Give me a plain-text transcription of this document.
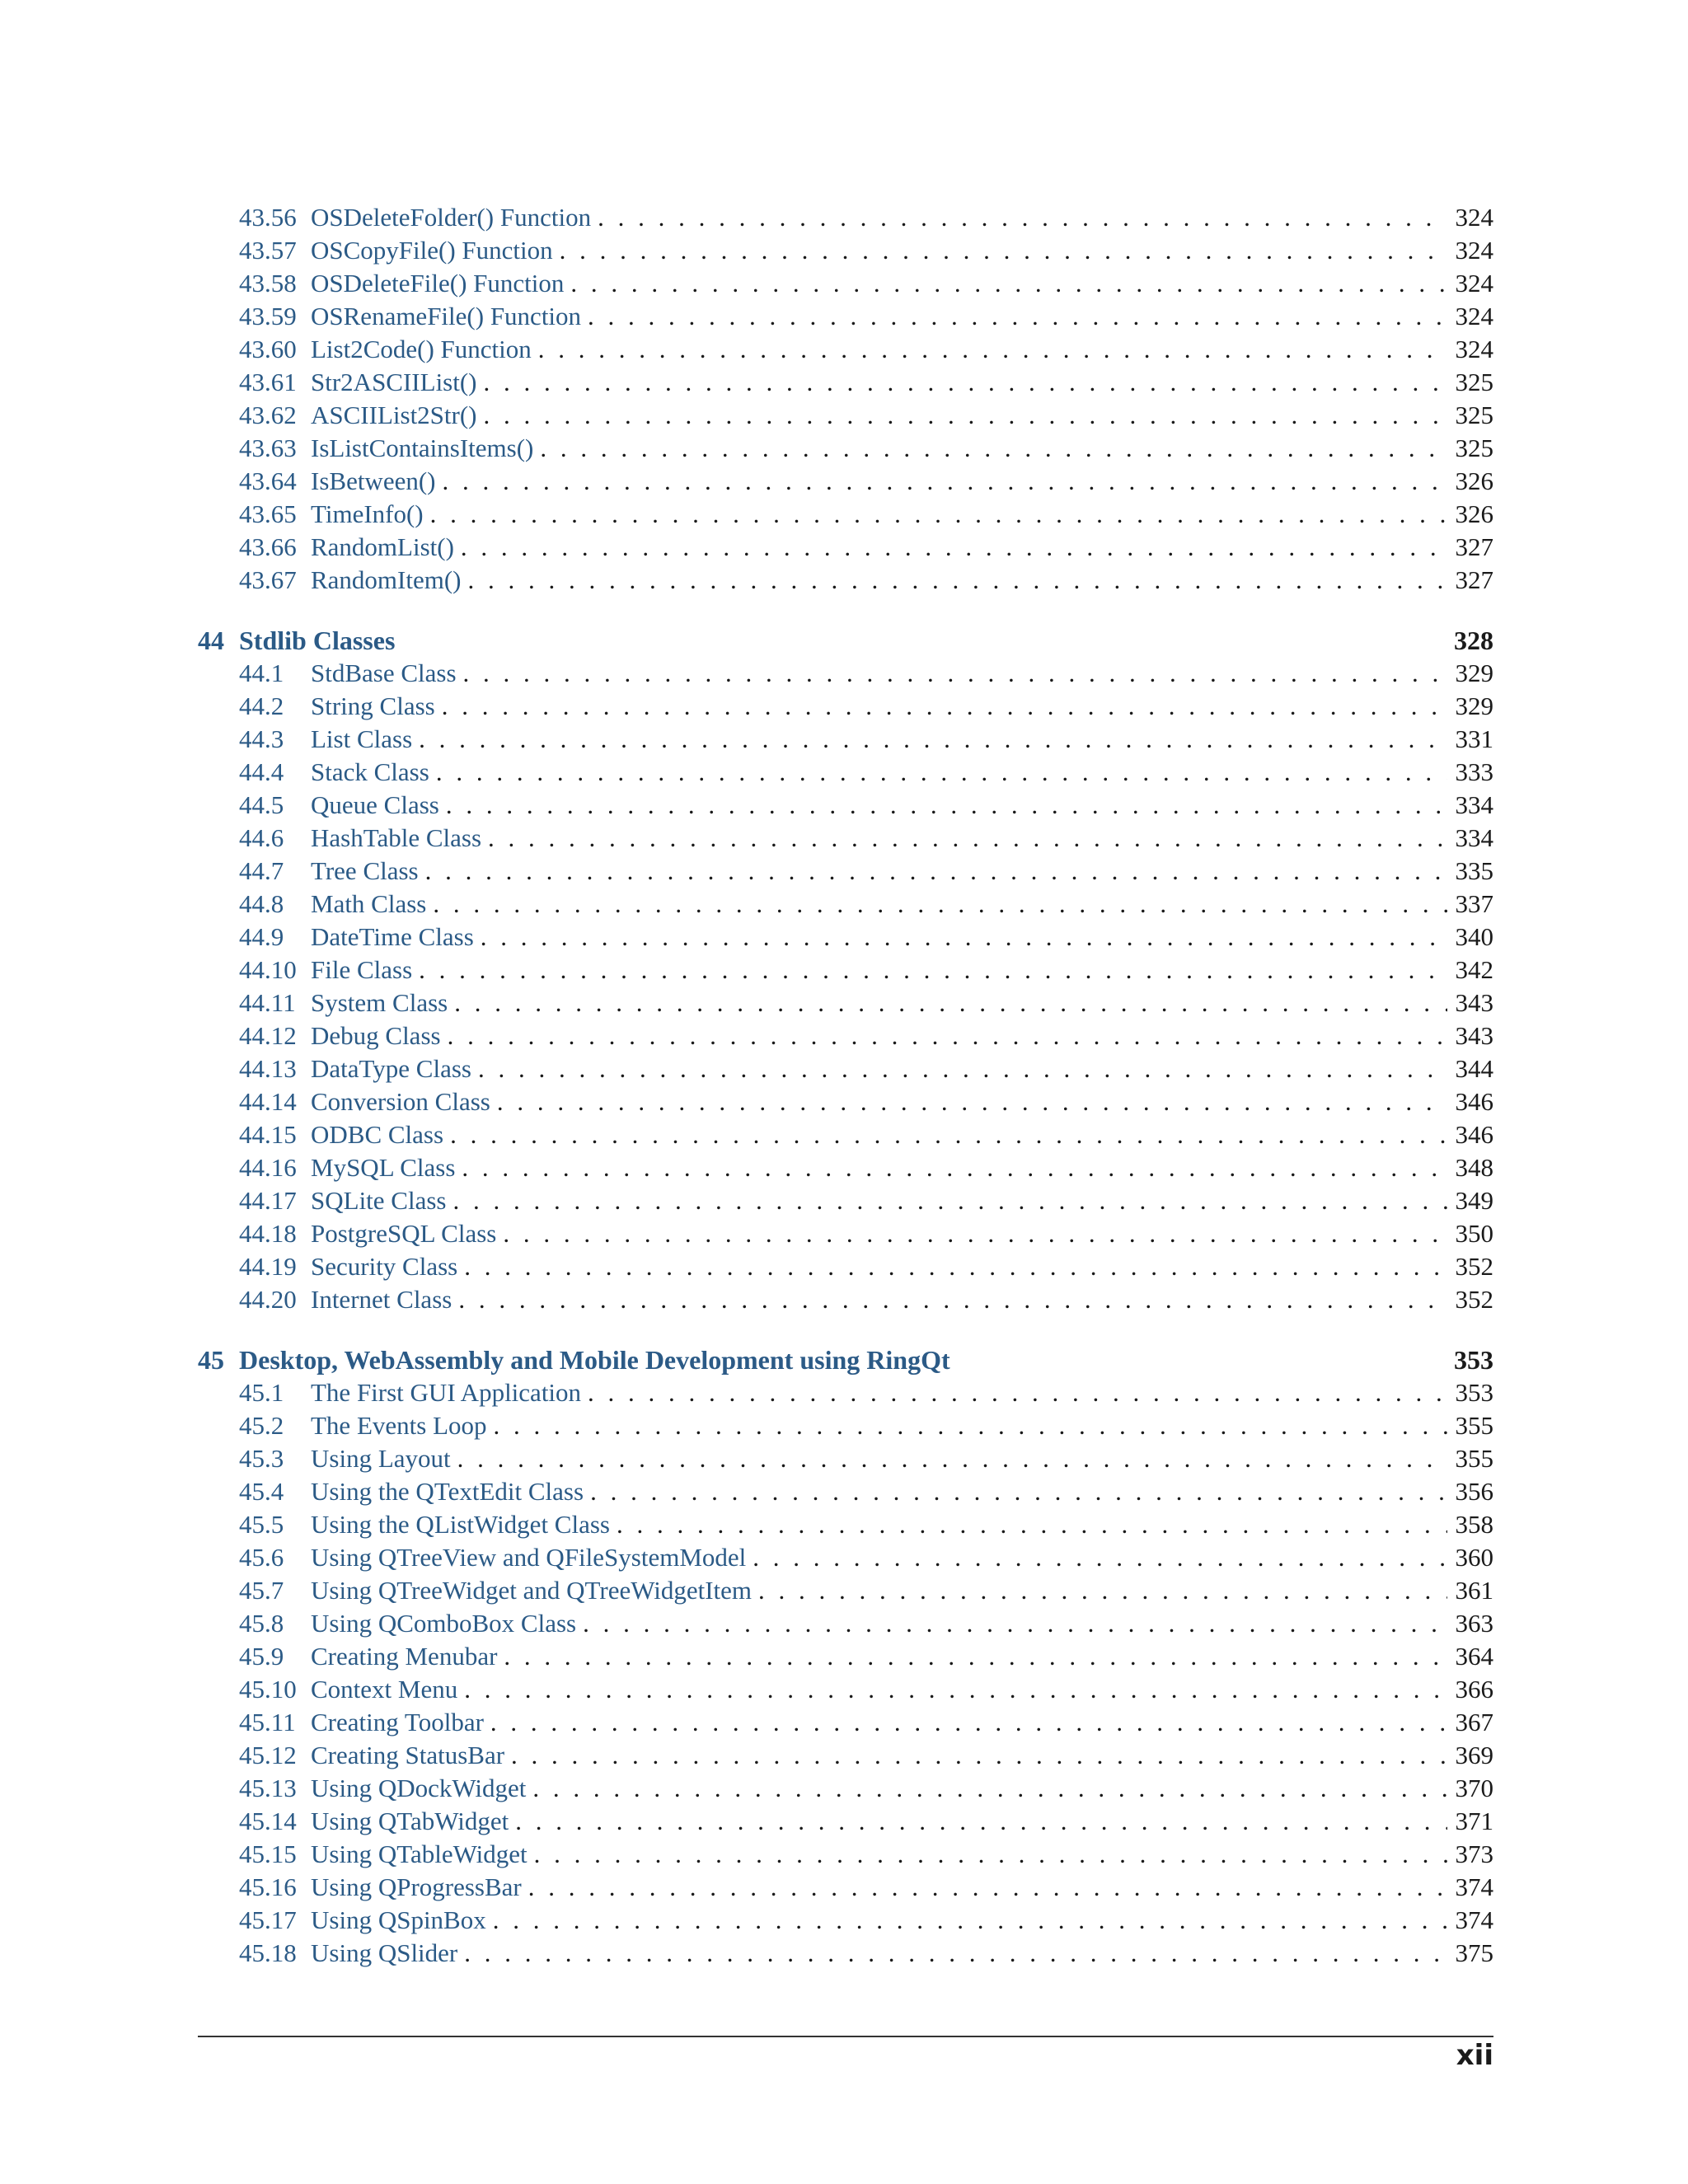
43.56 OSDeleteFolder() Function . . .	324
43.57 OSCopyFile() Function . . .	324
43.58 OSDeleteFile() Function . . .	324
43.59 OSRenameFile() Function . . .	324
43.60 List2Code() Function . . .	324
43.61 Str2ASCIIList() . . .	325
43.62 ASCIIList2Str() . . .	325
43.63 IsListContainsItems() . . .	325
43.64 IsBetween() . . .	326
43.65 TimeInfo() . . .	326
43.66 RandomList() . . .	327
43.67 RandomItem() . . .	327
44 Stdlib Classes	328
44.1	StdBase Class . . .	329
44.2	String Class . . .	329
44.3	List Class . . .	331
44.4	Stack Class . . .	333
44.5	Queue Class . . .	334
44.6	HashTable Class . . .	334
44.7	Tree Class . . .	335
44.8	Math Class . . .	337
44.9	DateTime Class . . .	340
44.10 File Class . . .	342
44.11 System Class . . .	343
44.12 Debug Class . . .	343
44.13 DataType Class . . .	344
44.14 Conversion Class . . .	346
44.15 ODBC Class . . .	346
44.16 MySQL Class . . .	348
44.17 SQLite Class . . .	349
44.18 PostgreSQL Class . . .	350
44.19 Security Class . . .	352
44.20 Internet Class . . .	352
45 Desktop, WebAssembly and Mobile Development using RingQt	353
45.1	The First GUI Application . . .	353
45.2	The Events Loop . . .	355
45.3	Using Layout . . .	355
45.4	Using the QTextEdit Class . . .	356
45.5	Using the QListWidget Class . . .	358
45.6	Using QTreeView and QFileSystemModel . . .	360
45.7	Using QTreeWidget and QTreeWidgetItem . . .	361
45.8	Using QComboBox Class . . .	363
45.9	Creating Menubar . . .	364
45.10 Context Menu . . .	366
45.11 Creating Toolbar . . .	367
45.12 Creating StatusBar . . .	369
45.13 Using QDockWidget . . .	370
45.14 Using QTabWidget . . .	371
45.15 Using QTableWidget . . .	373
45.16 Using QProgressBar . . .	374
45.17 Using QSpinBox . . .	374
45.18 Using QSlider . . .	375
xii
